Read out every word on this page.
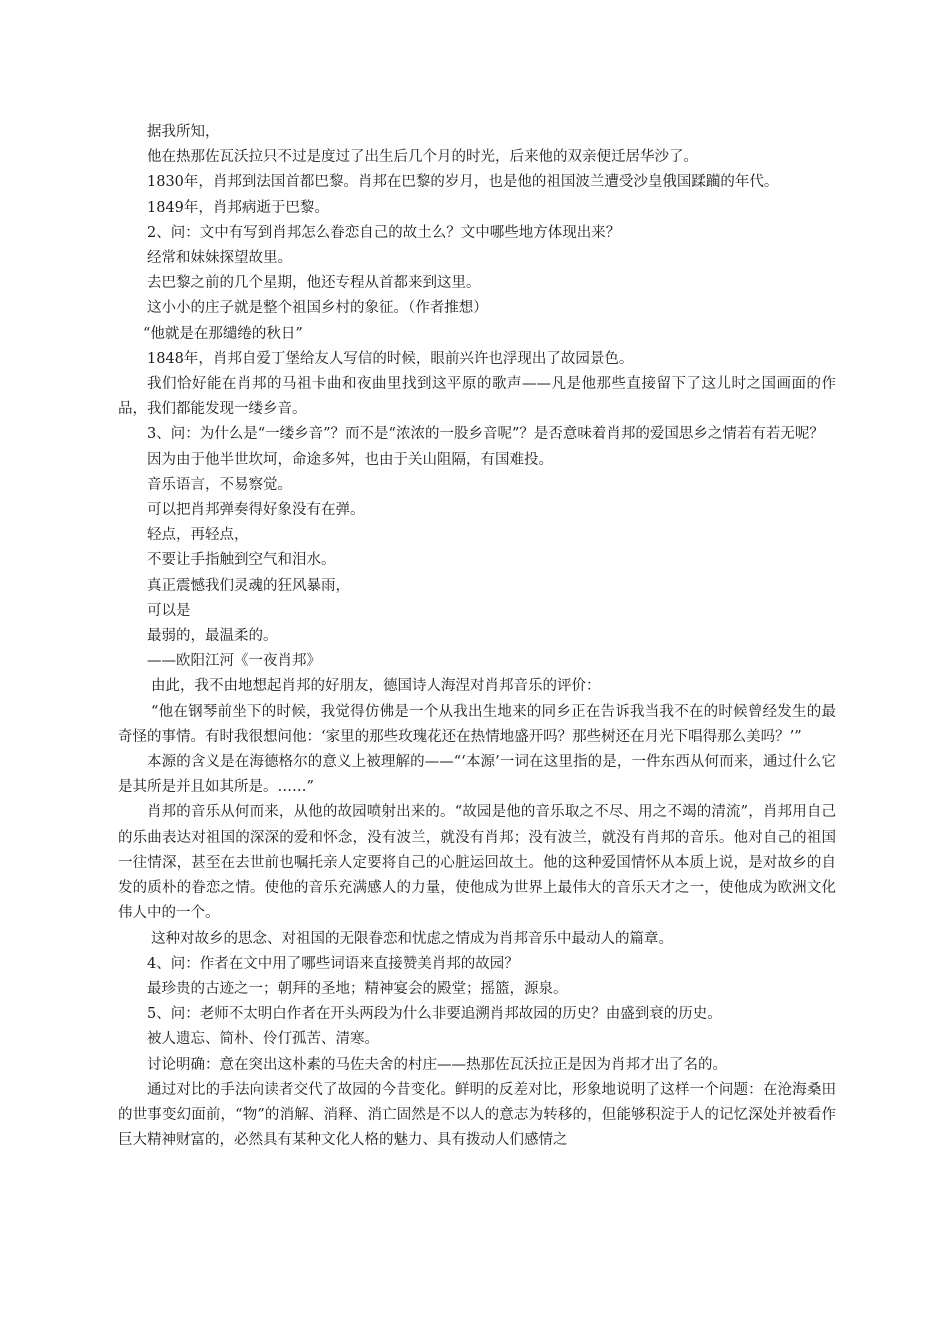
据我所知，

他在热那佐瓦沃拉只不过是度过了出生后几个月的时光，后来他的双亲便迁居华沙了。

1830年，肖邦到法国首都巴黎。肖邦在巴黎的岁月，也是他的祖国波兰遭受沙皇俄国蹂躏的年代。

1849年，肖邦病逝于巴黎。

2、问：文中有写到肖邦怎么眷恋自己的故土么？文中哪些地方体现出来？

经常和妹妹探望故里。

去巴黎之前的几个星期，他还专程从首都来到这里。

这小小的庄子就是整个祖国乡村的象征。（作者推想）

“他就是在那缱绻的秋日”

1848年，肖邦自爱丁堡给友人写信的时候，眼前兴许也浮现出了故园景色。

我们恰好能在肖邦的马祖卡曲和夜曲里找到这平原的歌声——凡是他那些直接留下了这儿时之国画面的作品，我们都能发现一缕乡音。

3、问：为什么是“一缕乡音”？而不是“浓浓的一股乡音呢”？是否意味着肖邦的爱国思乡之情若有若无呢？

因为由于他半世坎坷，命途多舛，也由于关山阻隔，有国难投。

音乐语言，不易察觉。

可以把肖邦弹奏得好象没有在弹。

轻点，再轻点，

不要让手指触到空气和泪水。

真正震憾我们灵魂的狂风暴雨，

可以是

最弱的，最温柔的。

——欧阳江河《一夜肖邦》

由此，我不由地想起肖邦的好朋友，德国诗人海涅对肖邦音乐的评价：

“他在钢琴前坐下的时候，我觉得仿佛是一个从我出生地来的同乡正在告诉我当我不在的时候曾经发生的最奇怪的事情。有时我很想问他：‘家里的那些玫瑰花还在热情地盛开吗？那些树还在月光下唱得那么美吗？’”

本源的含义是在海德格尔的意义上被理解的——“‘本源’一词在这里指的是，一件东西从何而来，通过什么它是其所是并且如其所是。……”

肖邦的音乐从何而来，从他的故园喷射出来的。“故园是他的音乐取之不尽、用之不竭的清流”，肖邦用自己的乐曲表达对祖国的深深的爱和怀念，没有波兰，就没有肖邦；没有波兰，就没有肖邦的音乐。他对自己的祖国一往情深，甚至在去世前也嘱托亲人定要将自己的心脏运回故土。他的这种爱国情怀从本质上说，是对故乡的自发的质朴的眷恋之情。使他的音乐充满感人的力量，使他成为世界上最伟大的音乐天才之一，使他成为欧洲文化伟人中的一个。

这种对故乡的思念、对祖国的无限眷恋和忧虑之情成为肖邦音乐中最动人的篇章。

4、问：作者在文中用了哪些词语来直接赞美肖邦的故园？

最珍贵的古迹之一；朝拜的圣地；精神宴会的殿堂；摇篮，源泉。

5、问：老师不太明白作者在开头两段为什么非要追溯肖邦故园的历史？由盛到衰的历史。

被人遗忘、简朴、伶仃孤苦、清寒。

讨论明确：意在突出这朴素的马佐夫舍的村庄——热那佐瓦沃拉正是因为肖邦才出了名的。

通过对比的手法向读者交代了故园的今昔变化。鲜明的反差对比，形象地说明了这样一个问题：在沧海桑田的世事变幻面前，“物”的消解、消释、消亡固然是不以人的意志为转移的，但能够积淀于人的记忆深处并被看作巨大精神财富的，必然具有某种文化人格的魅力、具有拨动人们感情之
